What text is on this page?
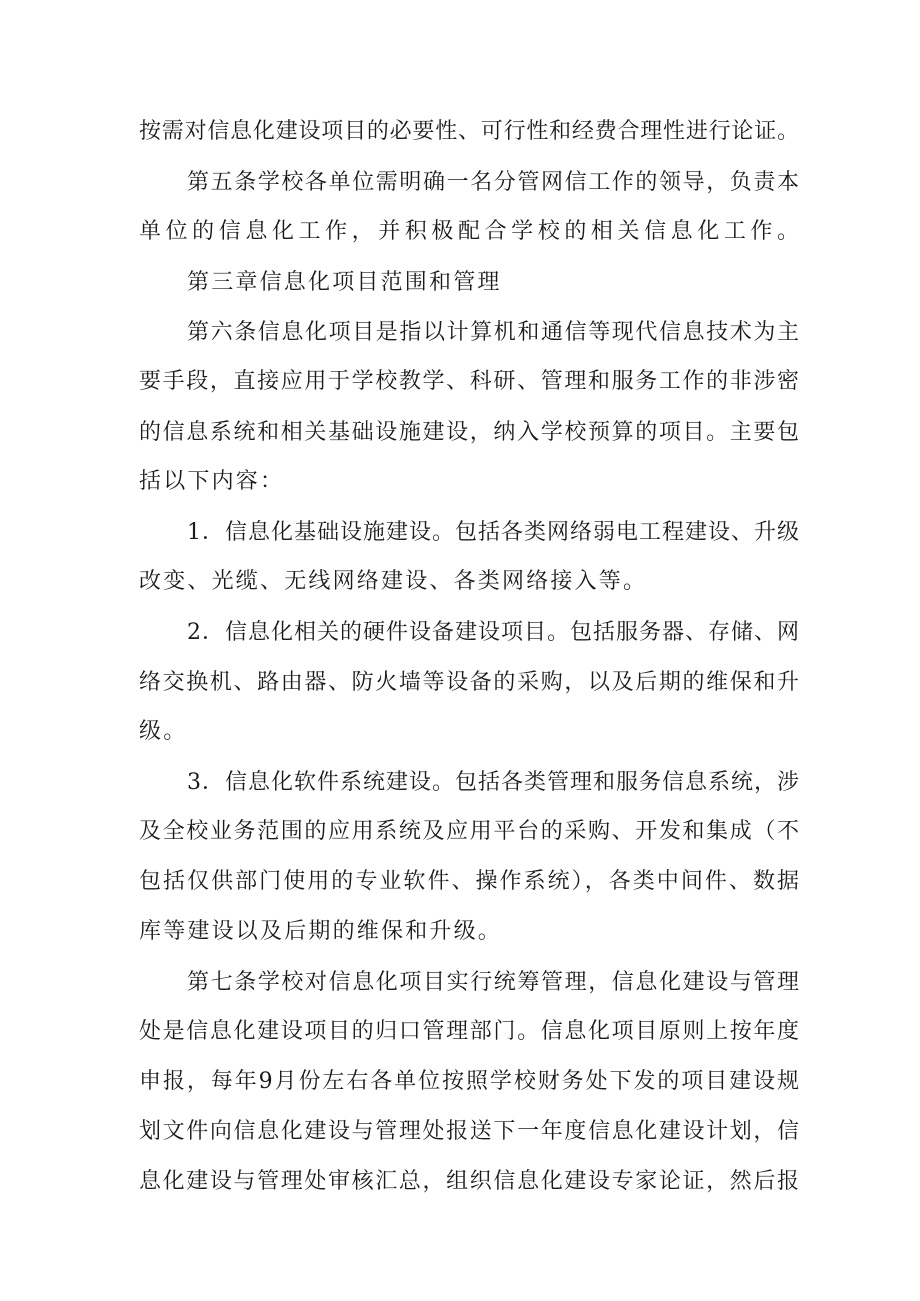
按需对信息化建设项目的必要性、可行性和经费合理性进行论证。
第五条学校各单位需明确一名分管网信工作的领导，负责本
单位的信息化工作，并积极配合学校的相关信息化工作。
第三章信息化项目范围和管理
第六条信息化项目是指以计算机和通信等现代信息技术为主
要手段，直接应用于学校教学、科研、管理和服务工作的非涉密
的信息系统和相关基础设施建设，纳入学校预算的项目。主要包
括以下内容：
1．信息化基础设施建设。包括各类网络弱电工程建设、升级
改变、光缆、无线网络建设、各类网络接入等。
2．信息化相关的硬件设备建设项目。包括服务器、存储、网
络交换机、路由器、防火墙等设备的采购，以及后期的维保和升
级。
3．信息化软件系统建设。包括各类管理和服务信息系统，涉
及全校业务范围的应用系统及应用平台的采购、开发和集成（不
包括仅供部门使用的专业软件、操作系统），各类中间件、数据
库等建设以及后期的维保和升级。
第七条学校对信息化项目实行统筹管理，信息化建设与管理
处是信息化建设项目的归口管理部门。信息化项目原则上按年度
申报，每年9月份左右各单位按照学校财务处下发的项目建设规
划文件向信息化建设与管理处报送下一年度信息化建设计划，信
息化建设与管理处审核汇总，组织信息化建设专家论证，然后报
